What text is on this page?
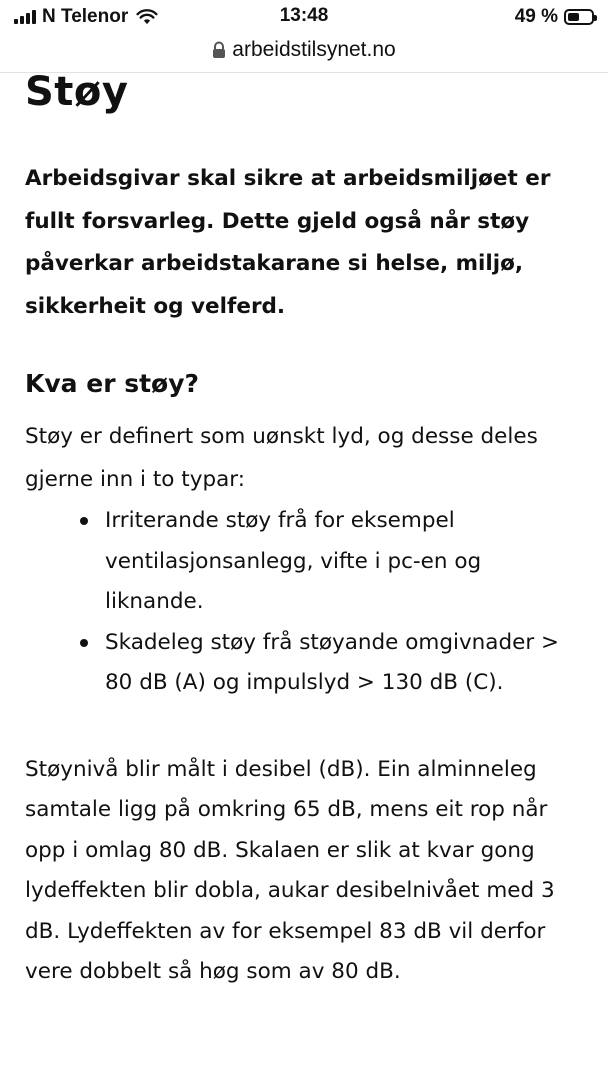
N Telenor	13:48	49 %
arbeidstilsynet.no
Støy

Arbeidsgivar skal sikre at arbeidsmiljøet er fullt forsvarleg. Dette gjeld også når støy påverkar arbeidstakarane si helse, miljø, sikkerheit og velferd.

Kva er støy?

Støy er definert som uønskt lyd, og desse deles gjerne inn i to typar:

Irriterande støy frå for eksempel ventilasjonsanlegg, vifte i pc-en og liknande.
Skadeleg støy frå støyande omgivnader > 80 dB (A) og impulslyd > 130 dB (C).

Støynivå blir målt i desibel (dB). Ein alminneleg samtale ligg på omkring 65 dB, mens eit rop når opp i omlag 80 dB. Skalaen er slik at kvar gong lydeffekten blir dobla, aukar desibelnivået med 3 dB. Lydeffekten av for eksempel 83 dB vil derfor vere dobbelt så høg som av 80 dB.
